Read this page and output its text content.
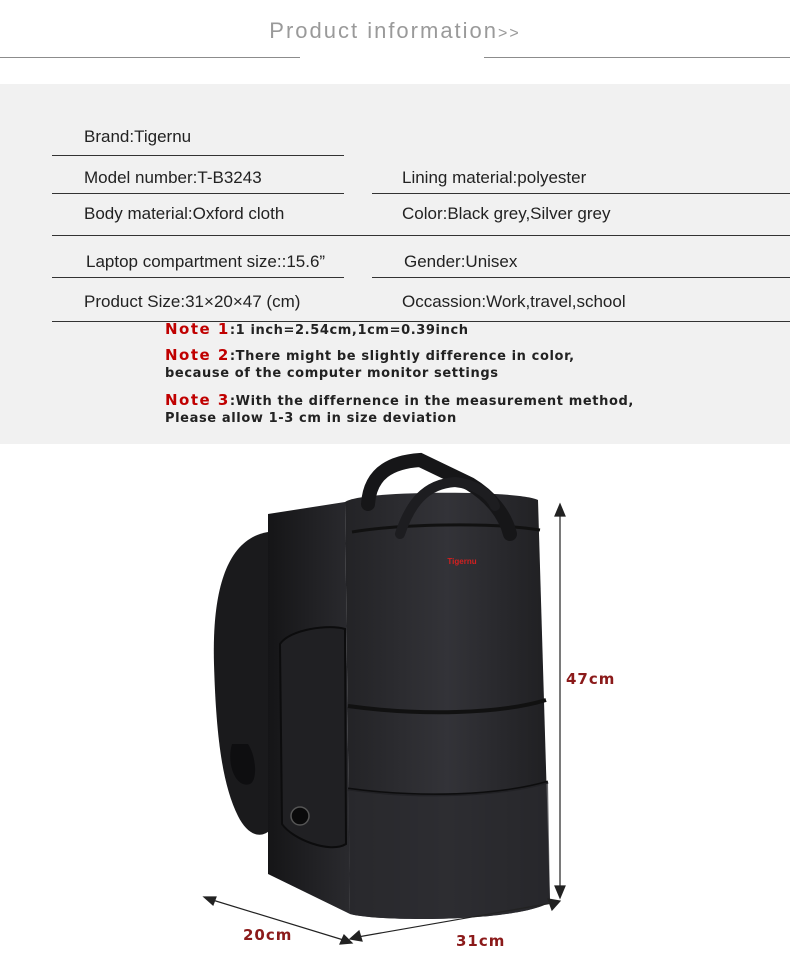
Product information>>
Brand:Tigernu
Model number:T-B3243	Lining material:polyester
Body material:Oxford cloth	Color:Black grey,Silver grey
Laptop compartment size::15.6”	Gender:Unisex
Product Size:31×20×47 (cm)	Occassion:Work,travel,school
Note 1:1 inch=2.54cm,1cm=0.39inch
Note 2:There might be slightly difference in color,
because of the computer monitor settings
Note 3:With the differnence in the measurement method,
Please allow 1-3 cm in size deviation
Tigernu
47cm
20cm	31cm
